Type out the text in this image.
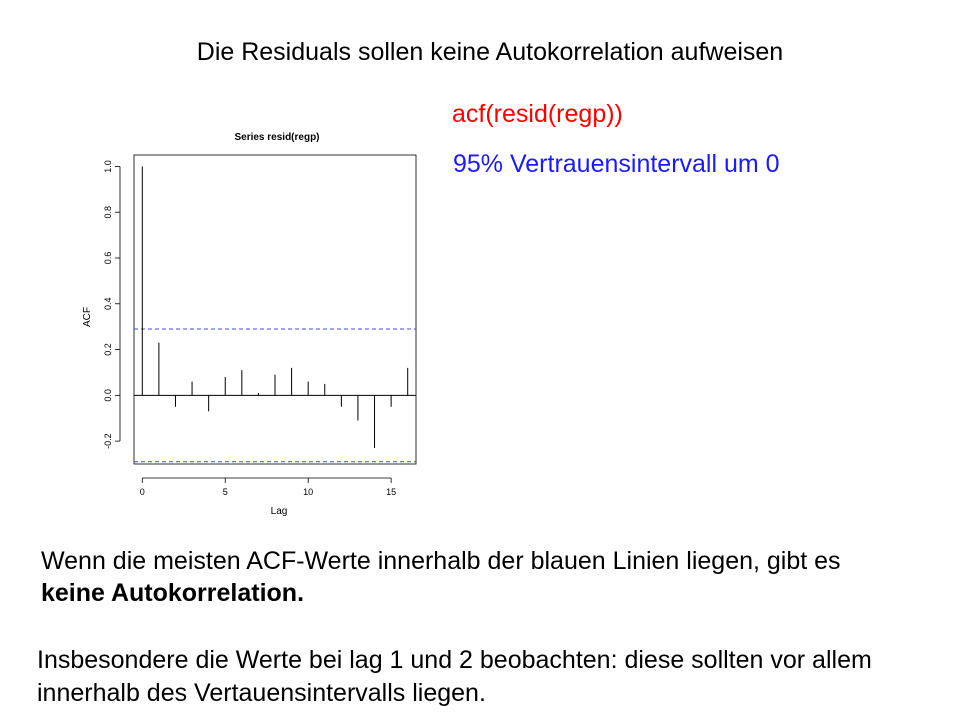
Die Residuals sollen keine Autokorrelation aufweisen
acf(resid(regp))
95% Vertrauensintervall um 0
Series resid(regp)
ACF
Lag
-0.2
0.0
0.2
0.4
0.6
0.8
1.0
0	5	10	15
Wenn die meisten ACF-Werte innerhalb der blauen Linien liegen, gibt es keine Autokorrelation.
Insbesondere die Werte bei lag 1 und 2 beobachten: diese sollten vor allem innerhalb des Vertauensintervalls liegen.
